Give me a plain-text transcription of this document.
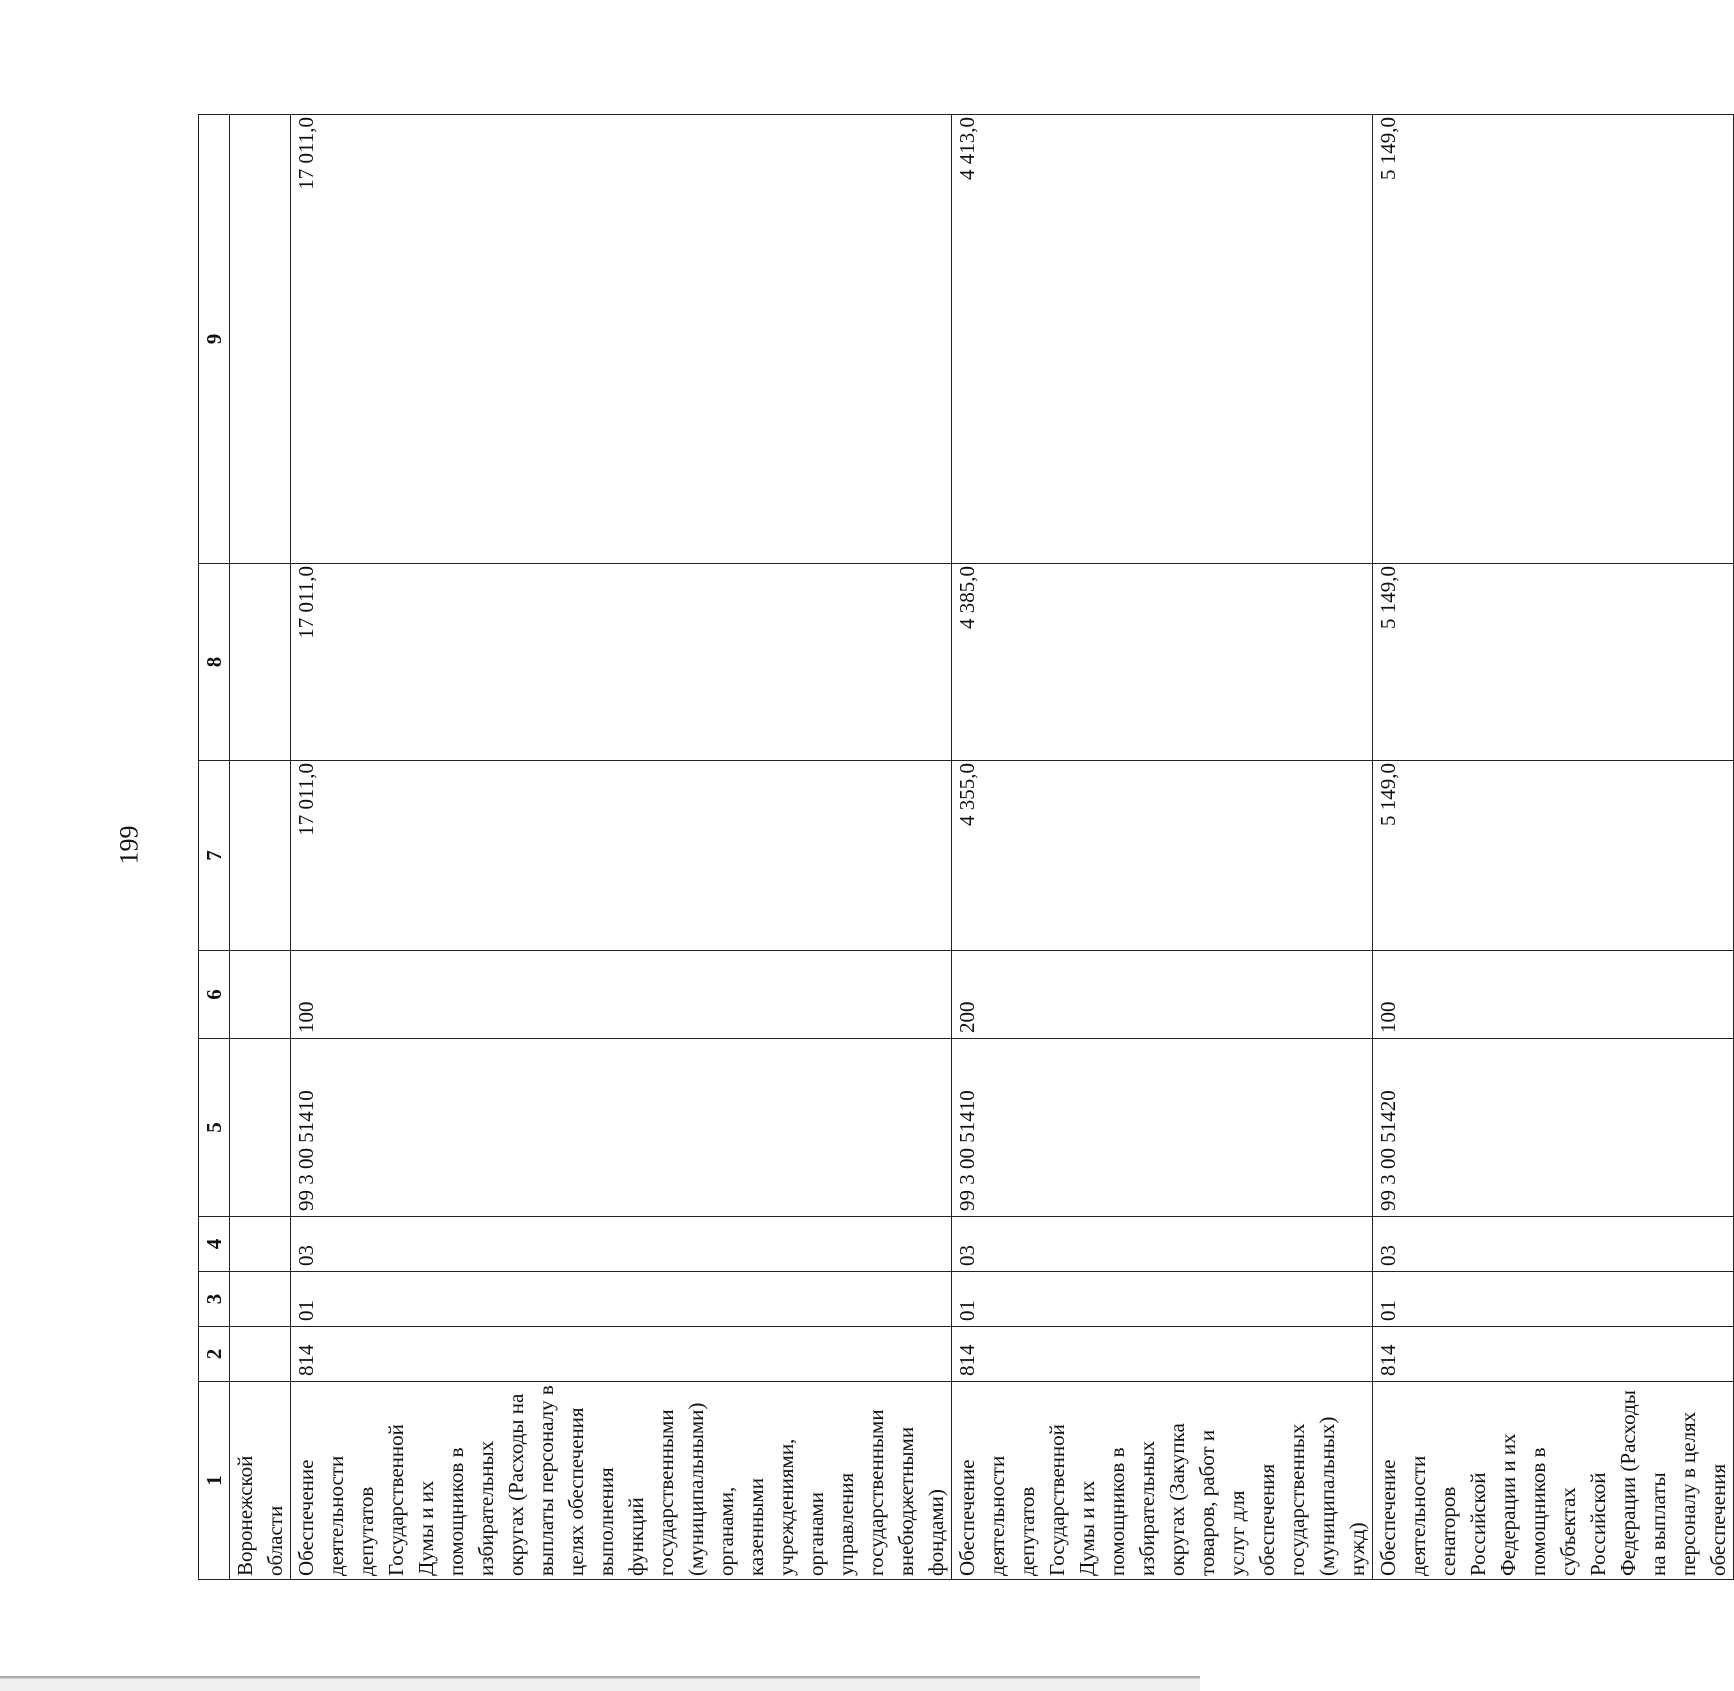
199
1	2	3	4	5	6	7	8	9
Воронежской области								
Обеспечение деятельности депутатов Государственной Думы и их помощников в избирательных округах (Расходы на выплаты персоналу в целях обеспечения выполнения функций государственными (муниципальными) органами, казенными учреждениями, органами управления государственными внебюджетными фондами)	814	01	03	99 3 00 51410	100	17 011,0	17 011,0	17 011,0
Обеспечение деятельности депутатов Государственной Думы и их помощников в избирательных округах (Закупка товаров, работ и услуг для обеспечения государственных (муниципальных) нужд)	814	01	03	99 3 00 51410	200	4 355,0	4 385,0	4 413,0
Обеспечение деятельности сенаторов Российской Федерации и их помощников в субъектах Российской Федерации (Расходы на выплаты персоналу в целях обеспечения	814	01	03	99 3 00 51420	100	5 149,0	5 149,0	5 149,0
